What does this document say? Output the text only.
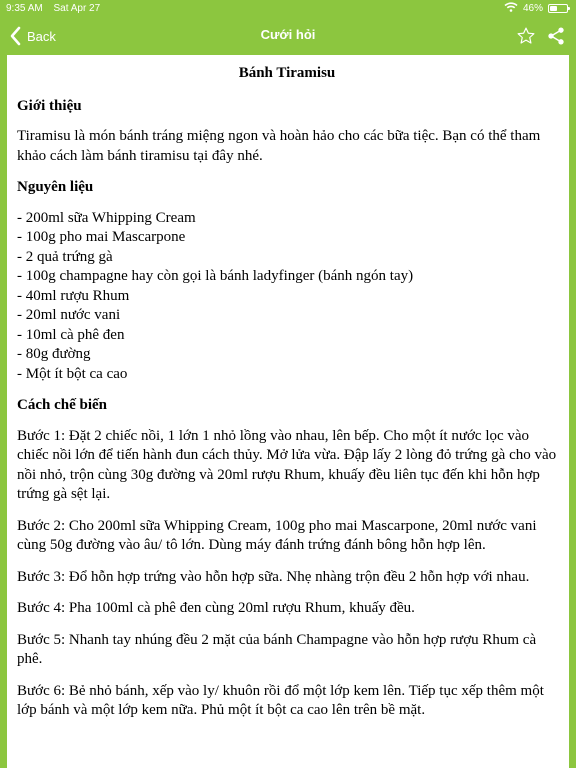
9:35 AM Sat Apr 27	46%
Back	Cưới hỏi
Bánh Tiramisu
Giới thiệu
Tiramisu là món bánh tráng miệng ngon và hoàn hảo cho các bữa tiệc. Bạn có thể tham khảo cách làm bánh tiramisu tại đây nhé.
Nguyên liệu
- 200ml sữa Whipping Cream
- 100g pho mai Mascarpone
- 2 quả trứng gà
- 100g champagne hay còn gọi là bánh ladyfinger (bánh ngón tay)
- 40ml rượu Rhum
- 20ml nước vani
- 10ml cà phê đen
- 80g đường
- Một ít bột ca cao
Cách chế biến
Bước 1: Đặt 2 chiếc nồi, 1 lớn 1 nhỏ lồng vào nhau, lên bếp. Cho một ít nước lọc vào chiếc nồi lớn để tiến hành đun cách thủy. Mở lửa vừa. Đập lấy 2 lòng đỏ trứng gà cho vào nồi nhỏ, trộn cùng 30g đường và 20ml rượu Rhum, khuấy đều liên tục đến khi hỗn hợp trứng gà sệt lại.
Bước 2: Cho 200ml sữa Whipping Cream, 100g pho mai Mascarpone, 20ml nước vani cùng 50g đường vào âu/ tô lớn. Dùng máy đánh trứng đánh bông hỗn hợp lên.
Bước 3: Đổ hỗn hợp trứng vào hỗn hợp sữa. Nhẹ nhàng trộn đều 2 hỗn hợp với nhau.
Bước 4: Pha 100ml cà phê đen cùng 20ml rượu Rhum, khuấy đều.
Bước 5: Nhanh tay nhúng đều 2 mặt của bánh Champagne vào hỗn hợp rượu Rhum cà phê.
Bước 6: Bẻ nhỏ bánh, xếp vào ly/ khuôn rồi đổ một lớp kem lên. Tiếp tục xếp thêm một lớp bánh và một lớp kem nữa. Phủ một ít bột ca cao lên trên bề mặt.
